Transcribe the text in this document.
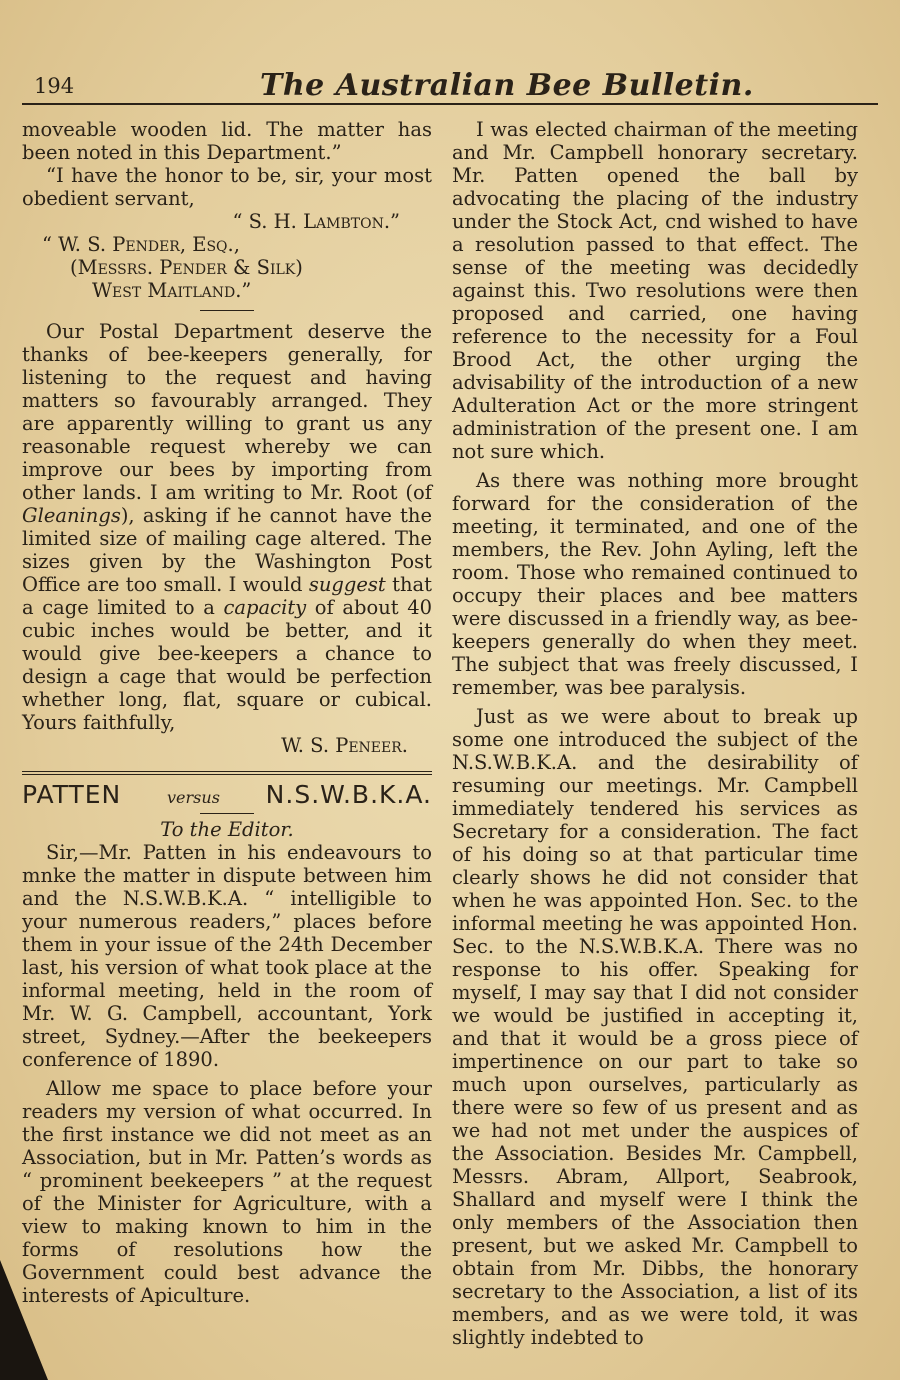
194	The Australian Bee Bulletin.

moveable wooden lid. The matter has been noted in this Department.”

“I have the honor to be, sir, your most obedient servant,

“ S. H. Lambton.”

“ W. S. Pender, Esq.,

(Messrs. Pender & Silk)

West Maitland.”

Our Postal Department deserve the thanks of bee-keepers generally, for listening to the request and having matters so favourably arranged. They are apparently willing to grant us any reasonable request whereby we can improve our bees by importing from other lands. I am writing to Mr. Root (of Gleanings), asking if he cannot have the limited size of mailing cage altered. The sizes given by the Washington Post Office are too small. I would suggest that a cage limited to a capacity of about 40 cubic inches would be better, and it would give bee-keepers a chance to design a cage that would be perfection whether long, flat, square or cubical. Yours faithfully,

W. S. Peneer.

PATTEN	versus N.S.W.B.K.A.

To the Editor.

Sir,—Mr. Patten in his endeavours to mnke the matter in dispute between him and the N.S.W.B.K.A. “ intelligible to your numerous readers,” places before them in your issue of the 24th December last, his version of what took place at the informal meeting, held in the room of Mr. W. G. Campbell, accountant, York street, Sydney.—After the beekeepers conference of 1890.

Allow me space to place before your readers my version of what occurred. In the first instance we did not meet as an Association, but in Mr. Patten’s words as “ prominent beekeepers ” at the request of the Minister for Agriculture, with a view to making known to him in the forms of resolutions how the Government could best advance the interests of Apiculture.

I was elected chairman of the meeting and Mr. Campbell honorary secretary. Mr. Patten opened the ball by advocating the placing of the industry under the Stock Act, cnd wished to have a resolution passed to that effect. The sense of the meeting was decidedly against this. Two resolutions were then proposed and carried, one having reference to the necessity for a Foul Brood Act, the other urging the advisability of the introduction of a new Adulteration Act or the more stringent administration of the present one. I am not sure which.

As there was nothing more brought forward for the consideration of the meeting, it terminated, and one of the members, the Rev. John Ayling, left the room. Those who remained continued to occupy their places and bee matters were discussed in a friendly way, as bee-keepers generally do when they meet. The subject that was freely discussed, I remember, was bee paralysis.

Just as we were about to break up some one introduced the subject of the N.S.W.B.K.A. and the desirability of resuming our meetings. Mr. Campbell immediately tendered his services as Secretary for a consideration. The fact of his doing so at that particular time clearly shows he did not consider that when he was appointed Hon. Sec. to the informal meeting he was appointed Hon. Sec. to the N.S.W.B.K.A. There was no response to his offer. Speaking for myself, I may say that I did not consider we would be justified in accepting it, and that it would be a gross piece of impertinence on our part to take so much upon ourselves, particularly as there were so few of us present and as we had not met under the auspices of the Association. Besides Mr. Campbell, Messrs. Abram, Allport, Seabrook, Shallard and myself were I think the only members of the Association then present, but we asked Mr. Campbell to obtain from Mr. Dibbs, the honorary secretary to the Association, a list of its members, and as we were told, it was slightly indebted to
